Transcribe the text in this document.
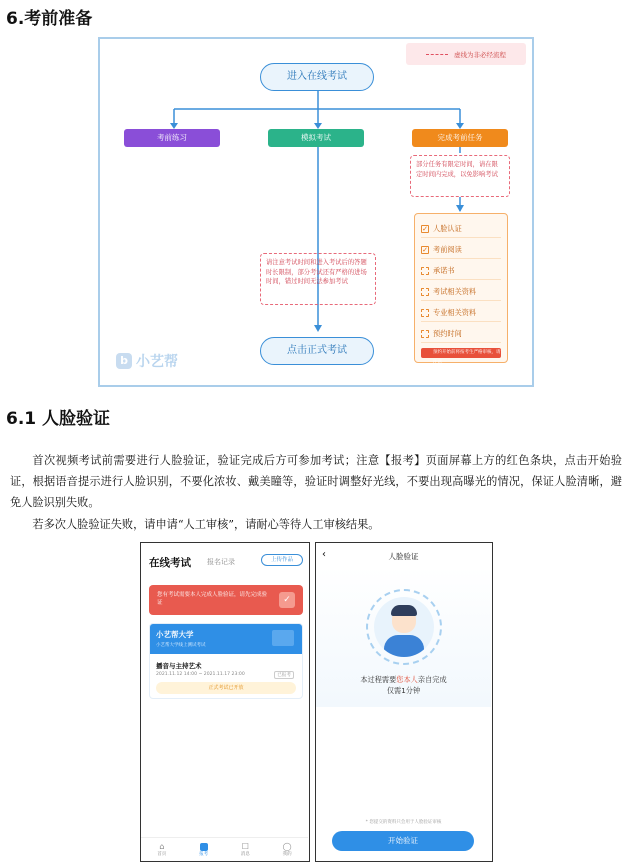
6.考前准备
虚线为非必经流程
进入在线考试
考前练习	模拟考试	完成考前任务
部分任务有限定时间，请在限定时间内完成，以免影响考试
✓ 人脸认证
✓ 考前阅读
承诺书
考试相关资料
专业相关资料
预约时间
预约开始前将按考生严格审核，请注意
请注意考试时间和进入考试后的答题时长限制，部分考试还有严格的进场时间，错过时间无法参加考试
点击正式考试
b 小艺帮
6.1 人脸验证
首次视频考试前需要进行人脸验证，验证完成后方可参加考试；注意【报考】页面屏幕上方的红色条块，点击开始验证，根据语音提示进行人脸识别，不要化浓妆、戴美瞳等，验证时调整好光线，不要出现高曝光的情况，保证人脸清晰，避免人脸识别失败。
若多次人脸验证失败，请申请“人工审核”，请耐心等待人工审核结果。
在线考试 报名记录	上传作品
您有考试需要本人完成人脸验证，请先完成验证	✓
小艺帮大学
小艺帮大学线上测试考试
播音与主持艺术
2021.11.12 14:00 ~ 2021.11.17 23:00	已报考
正式考试已开放
⌂
首页	报考
☐
消息
◯
我的
‹	人脸验证
本过程需要您本人亲自完成
仅需1分钟
* 您提交的资料只会用于人脸验证审核
开始验证
